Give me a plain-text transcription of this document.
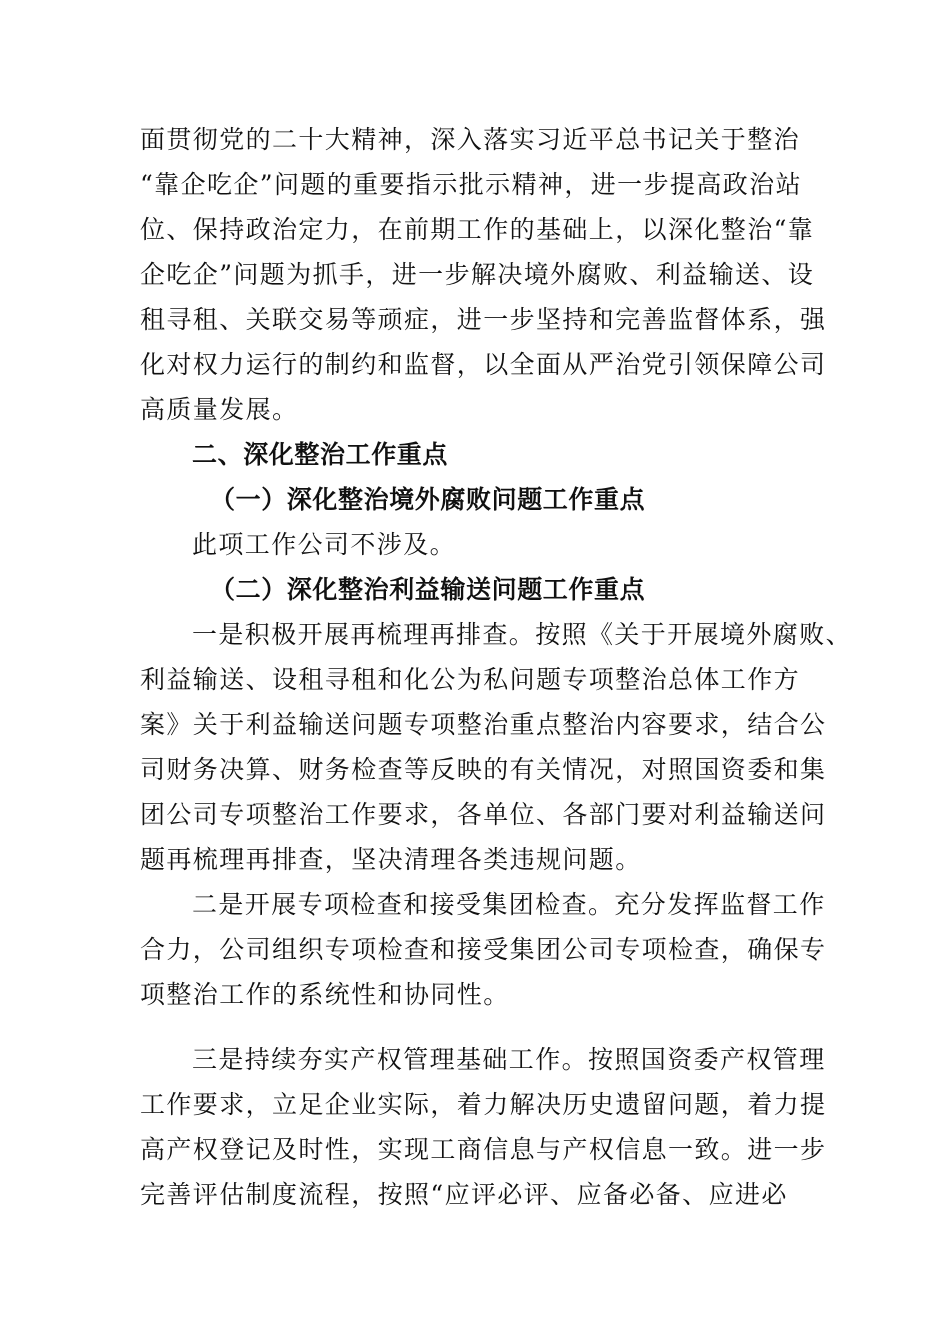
面贯彻党的二十大精神，深入落实习近平总书记关于整治
“靠企吃企”问题的重要指示批示精神，进一步提高政治站
位、保持政治定力，在前期工作的基础上，以深化整治“靠
企吃企”问题为抓手，进一步解决境外腐败、利益输送、设
租寻租、关联交易等顽症，进一步坚持和完善监督体系，强
化对权力运行的制约和监督，以全面从严治党引领保障公司
高质量发展。
二、深化整治工作重点
（一）深化整治境外腐败问题工作重点
此项工作公司不涉及。
（二）深化整治利益输送问题工作重点
一是积极开展再梳理再排查。按照《关于开展境外腐败、
利益输送、设租寻租和化公为私问题专项整治总体工作方
案》关于利益输送问题专项整治重点整治内容要求，结合公
司财务决算、财务检查等反映的有关情况，对照国资委和集
团公司专项整治工作要求，各单位、各部门要对利益输送问
题再梳理再排查，坚决清理各类违规问题。
二是开展专项检查和接受集团检查。充分发挥监督工作
合力，公司组织专项检查和接受集团公司专项检查，确保专
项整治工作的系统性和协同性。
三是持续夯实产权管理基础工作。按照国资委产权管理
工作要求，立足企业实际，着力解决历史遗留问题，着力提
高产权登记及时性，实现工商信息与产权信息一致。进一步
完善评估制度流程，按照“应评必评、应备必备、应进必
